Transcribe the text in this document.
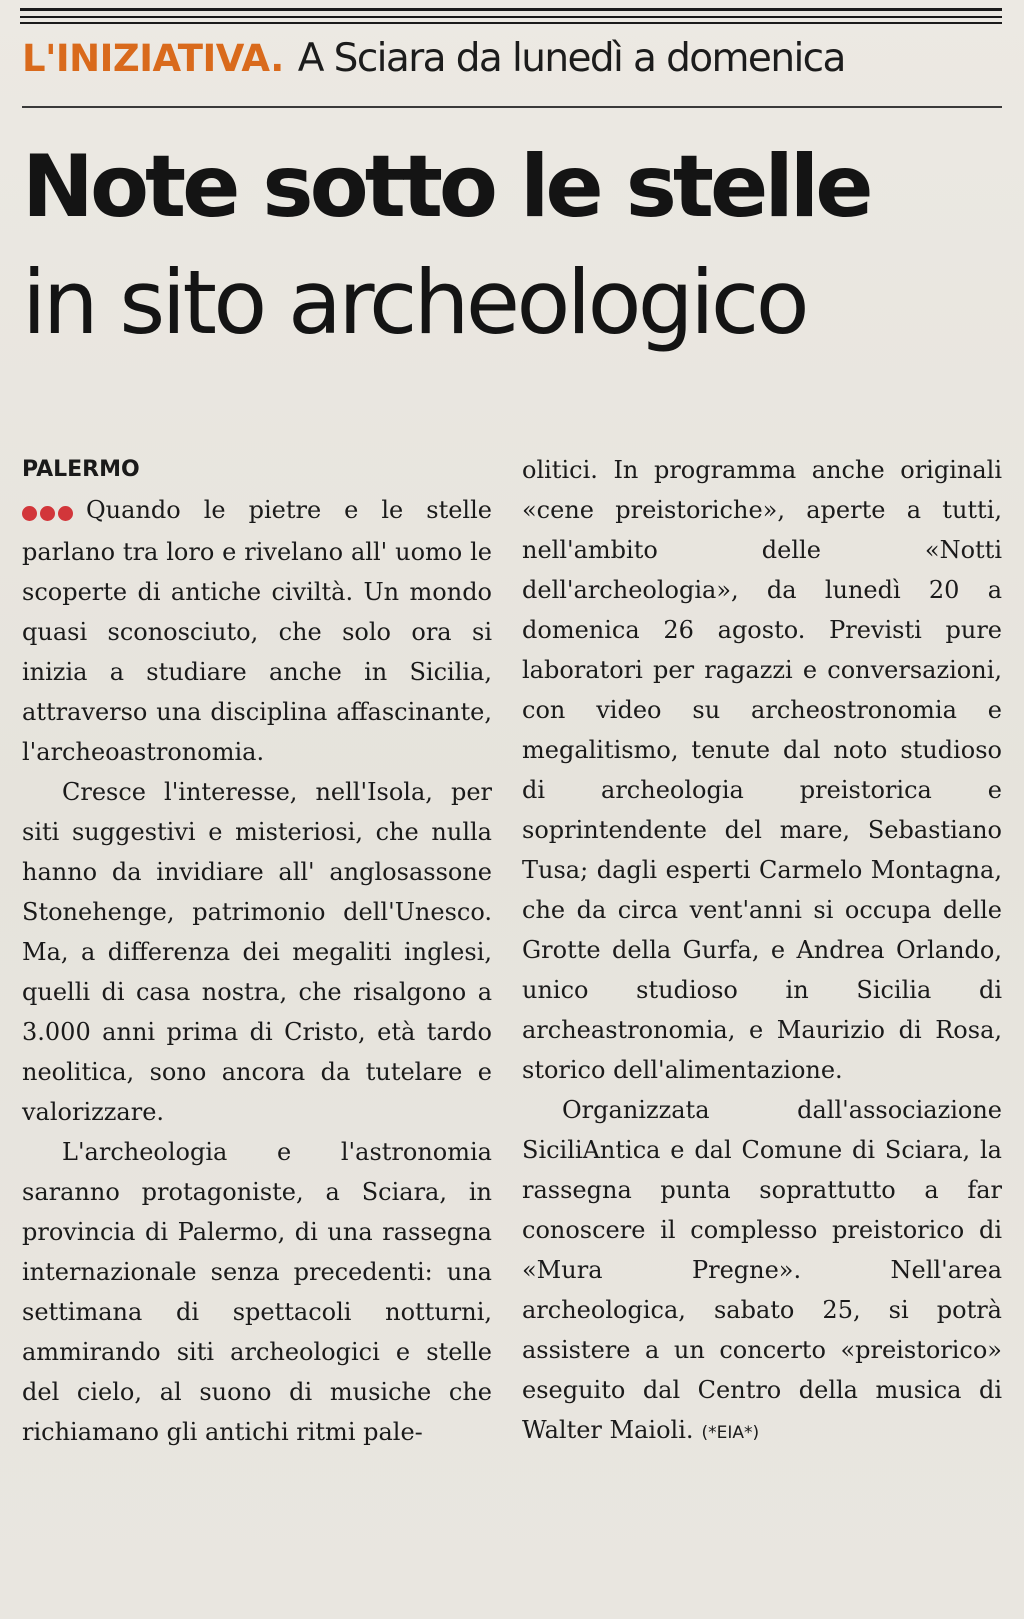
L'INIZIATIVA. A Sciara da lunedì a domenica
Note sotto le stelle
in sito archeologico
PALERMO

Quando le pietre e le stelle parlano tra loro e rivelano all' uomo le scoperte di antiche civiltà. Un mondo quasi sconosciuto, che solo ora si inizia a studiare anche in Sicilia, attraverso una disciplina affascinante, l'archeoastronomia.

Cresce l'interesse, nell'Isola, per siti suggestivi e misteriosi, che nulla hanno da invidiare all' anglosassone Stonehenge, patrimonio dell'Unesco. Ma, a differenza dei megaliti inglesi, quelli di casa nostra, che risalgono a 3.000 anni prima di Cristo, età tardo neolitica, sono ancora da tutelare e valorizzare.

L'archeologia e l'astronomia saranno protagoniste, a Sciara, in provincia di Palermo, di una rassegna internazionale senza precedenti: una settimana di spettacoli notturni, ammirando siti archeologici e stelle del cielo, al suono di musiche che richiamano gli antichi ritmi pale-

olitici. In programma anche originali «cene preistoriche», aperte a tutti, nell'ambito delle «Notti dell'archeologia», da lunedì 20 a domenica 26 agosto. Previsti pure laboratori per ragazzi e conversazioni, con video su archeostronomia e megalitismo, tenute dal noto studioso di archeologia preistorica e soprintendente del mare, Sebastiano Tusa; dagli esperti Carmelo Montagna, che da circa vent'anni si occupa delle Grotte della Gurfa, e Andrea Orlando, unico studioso in Sicilia di archeastronomia, e Maurizio di Rosa, storico dell'alimentazione.

Organizzata dall'associazione SiciliAntica e dal Comune di Sciara, la rassegna punta soprattutto a far conoscere il complesso preistorico di «Mura Pregne». Nell'area archeologica, sabato 25, si potrà assistere a un concerto «preistorico» eseguito dal Centro della musica di Walter Maioli. (*EIA*)
